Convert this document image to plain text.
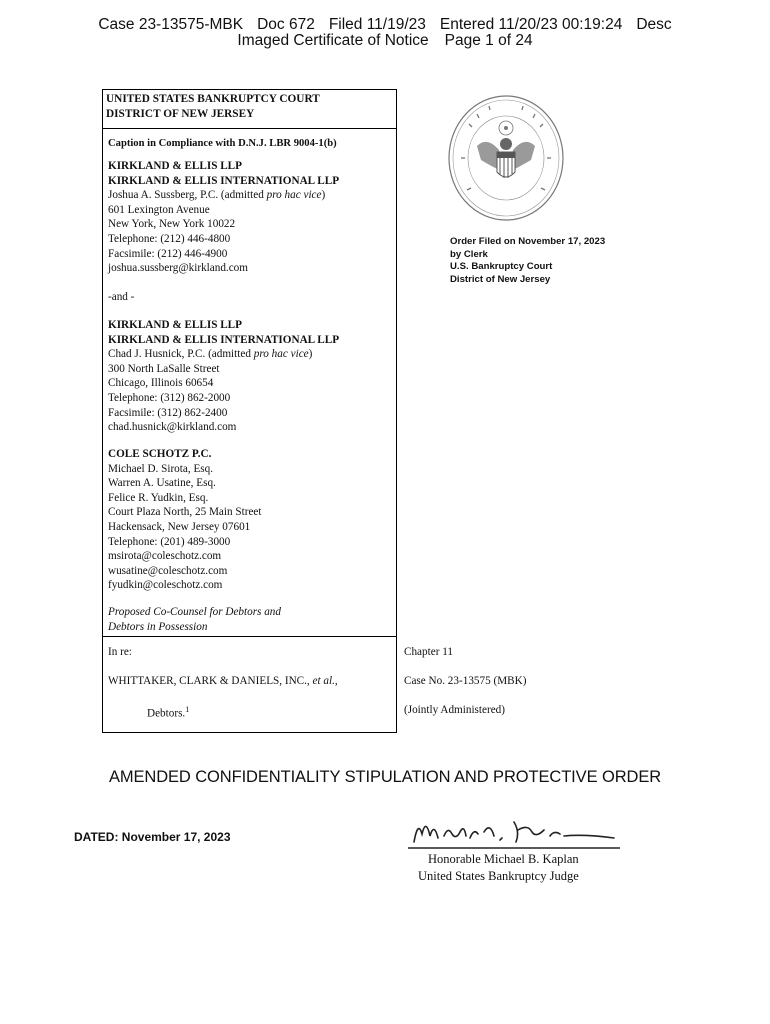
Case 23-13575-MBK Doc 672 Filed 11/19/23 Entered 11/20/23 00:19:24 Desc
Imaged Certificate of Notice Page 1 of 24
UNITED STATES BANKRUPTCY COURT
DISTRICT OF NEW JERSEY
Caption in Compliance with D.N.J. LBR 9004-1(b)
KIRKLAND & ELLIS LLP
KIRKLAND & ELLIS INTERNATIONAL LLP
Joshua A. Sussberg, P.C. (admitted pro hac vice)
601 Lexington Avenue
New York, New York 10022
Telephone: (212) 446-4800
Facsimile: (212) 446-4900
joshua.sussberg@kirkland.com
-and -
KIRKLAND & ELLIS LLP
KIRKLAND & ELLIS INTERNATIONAL LLP
Chad J. Husnick, P.C. (admitted pro hac vice)
300 North LaSalle Street
Chicago, Illinois 60654
Telephone: (312) 862-2000
Facsimile: (312) 862-2400
chad.husnick@kirkland.com
COLE SCHOTZ P.C.
Michael D. Sirota, Esq.
Warren A. Usatine, Esq.
Felice R. Yudkin, Esq.
Court Plaza North, 25 Main Street
Hackensack, New Jersey 07601
Telephone: (201) 489-3000
msirota@coleschotz.com
wusatine@coleschotz.com
fyudkin@coleschotz.com
Proposed Co-Counsel for Debtors and
Debtors in Possession
In re:
WHITTAKER, CLARK & DANIELS, INC., et al.,
Debtors.$^1$
Chapter 11
Case No. 23-13575 (MBK)
(Jointly Administered)
Order Filed on November 17, 2023
by Clerk
U.S. Bankruptcy Court
District of New Jersey
AMENDED CONFIDENTIALITY STIPULATION AND PROTECTIVE ORDER
DATED: November 17, 2023
Honorable Michael B. Kaplan
United States Bankruptcy Judge
